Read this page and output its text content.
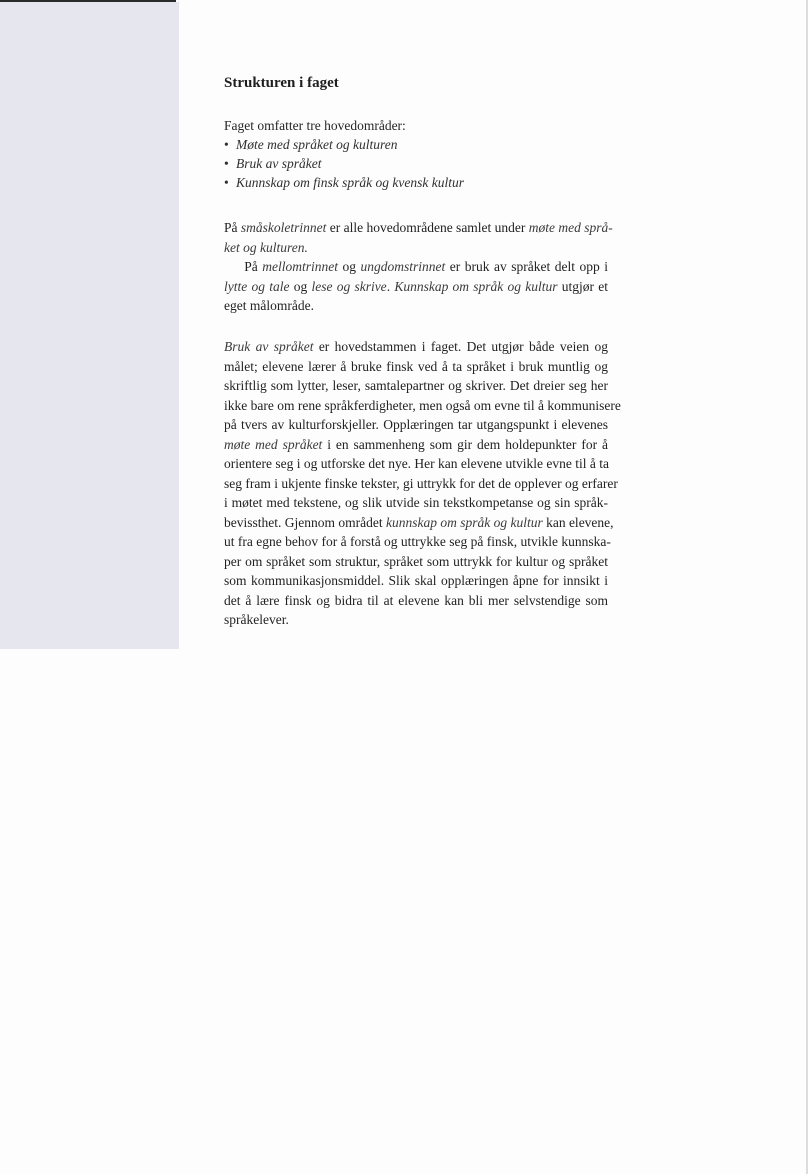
Strukturen i faget

Faget omfatter tre hovedområder:

• Møte med språket og kulturen
• Bruk av språket
• Kunnskap om finsk språk og kvensk kultur
På småskoletrinnet er alle hovedområdene samlet under møte med språ-
ket og kulturen.
  På mellomtrinnet og ungdomstrinnet er bruk av språket delt opp i
lytte og tale og lese og skrive. Kunnskap om språk og kultur utgjør et
eget målområde.
Bruk av språket er hovedstammen i faget. Det utgjør både veien og
målet; elevene lærer å bruke finsk ved å ta språket i bruk muntlig og
skriftlig som lytter, leser, samtalepartner og skriver. Det dreier seg her
ikke bare om rene språkferdigheter, men også om evne til å kommunisere
på tvers av kulturforskjeller. Opplæringen tar utgangspunkt i elevenes
møte med språket i en sammenheng som gir dem holdepunkter for å
orientere seg i og utforske det nye. Her kan elevene utvikle evne til å ta
seg fram i ukjente finske tekster, gi uttrykk for det de opplever og erfarer
i møtet med tekstene, og slik utvide sin tekstkompetanse og sin språk-
bevissthet. Gjennom området kunnskap om språk og kultur kan elevene,
ut fra egne behov for å forstå og uttrykke seg på finsk, utvikle kunnska-
per om språket som struktur, språket som uttrykk for kultur og språket
som kommunikasjonsmiddel. Slik skal opplæringen åpne for innsikt i
det å lære finsk og bidra til at elevene kan bli mer selvstendige som
språkelever.
